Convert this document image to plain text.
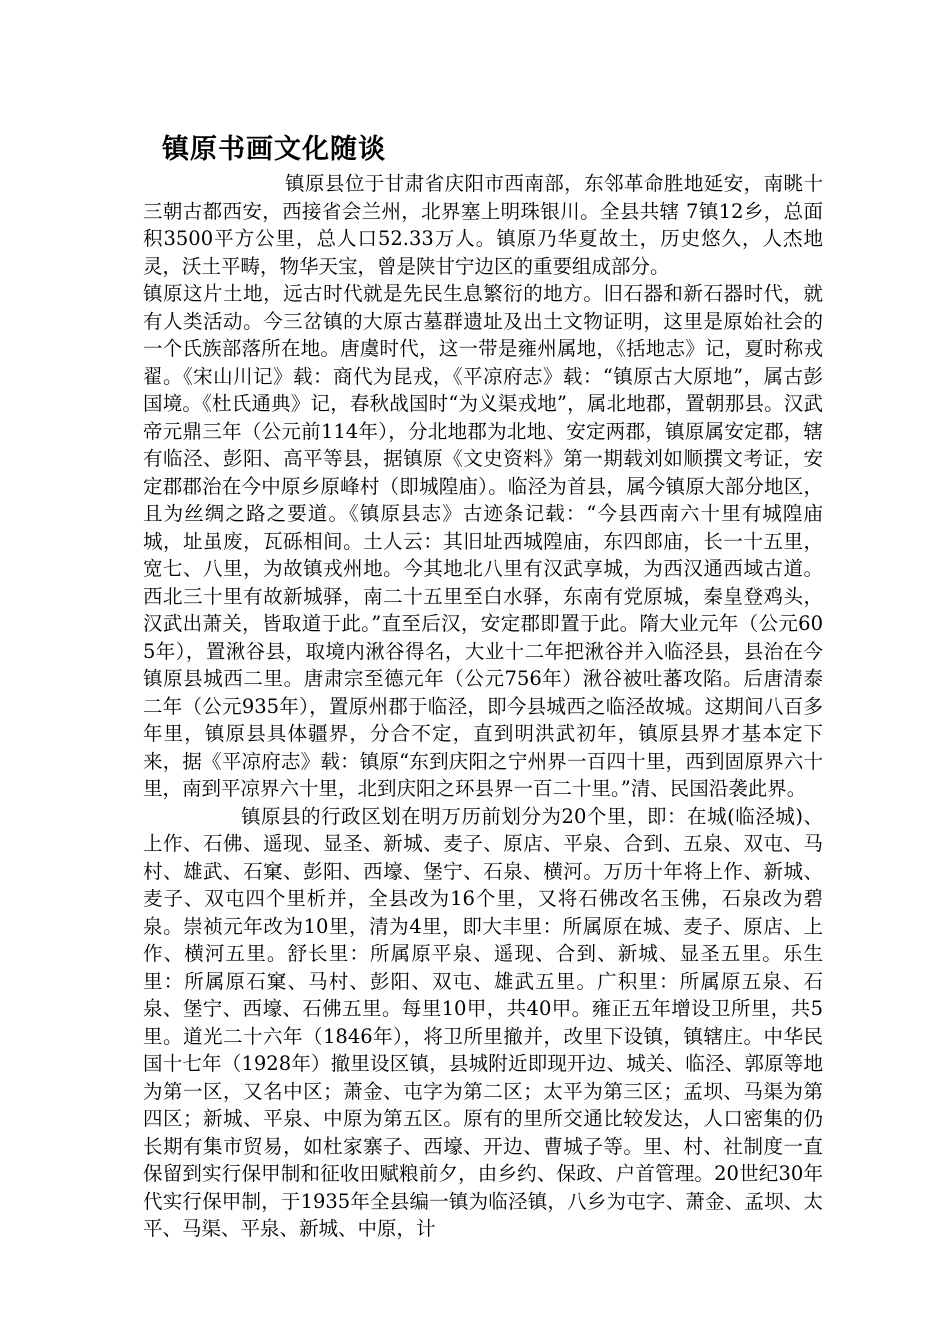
镇原书画文化随谈

镇原县位于甘肃省庆阳市西南部，东邻革命胜地延安，南眺十三朝古都西安，西接省会兰州，北界塞上明珠银川。全县共辖 7镇12乡，总面积3500平方公里，总人口52.33万人。镇原乃华夏故土，历史悠久，人杰地灵，沃土平畴，物华天宝，曾是陕甘宁边区的重要组成部分。

镇原这片土地，远古时代就是先民生息繁衍的地方。旧石器和新石器时代，就有人类活动。今三岔镇的大原古墓群遗址及出土文物证明，这里是原始社会的一个氏族部落所在地。唐虞时代，这一带是雍州属地，《括地志》记，夏时称戎翟。《宋山川记》载：商代为昆戎，《平凉府志》载：“镇原古大原地”，属古彭国境。《杜氏通典》记，春秋战国时“为义渠戎地”，属北地郡，置朝那县。汉武帝元鼎三年（公元前114年），分北地郡为北地、安定两郡，镇原属安定郡，辖有临泾、彭阳、高平等县，据镇原《文史资料》第一期载刘如顺撰文考证，安定郡郡治在今中原乡原峰村（即城隍庙）。临泾为首县，属今镇原大部分地区，且为丝绸之路之要道。《镇原县志》古迹条记载：“今县西南六十里有城隍庙城，址虽废，瓦砾相间。土人云：其旧址西城隍庙，东四郎庙，长一十五里，宽七、八里，为故镇戎州地。今其地北八里有汉武享城，为西汉通西域古道。西北三十里有故新城驿，南二十五里至白水驿，东南有党原城，秦皇登鸡头，汉武出萧关，皆取道于此。”直至后汉，安定郡即置于此。隋大业元年（公元605年），置湫谷县，取境内湫谷得名，大业十二年把湫谷并入临泾县，县治在今镇原县城西二里。唐肃宗至德元年（公元756年）湫谷被吐蕃攻陷。后唐清泰二年（公元935年），置原州郡于临泾，即今县城西之临泾故城。这期间八百多年里，镇原县具体疆界，分合不定，直到明洪武初年，镇原县界才基本定下来，据《平凉府志》载：镇原“东到庆阳之宁州界一百四十里，西到固原界六十里，南到平凉界六十里，北到庆阳之环县界一百二十里。”清、民国沿袭此界。

镇原县的行政区划在明万历前划分为20个里，即：在城(临泾城)、上作、石佛、遥现、显圣、新城、麦子、原店、平泉、合到、五泉、双屯、马村、雄武、石窠、彭阳、西壕、堡宁、石泉、横河。万历十年将上作、新城、麦子、双屯四个里析并，全县改为16个里，又将石佛改名玉佛，石泉改为碧泉。崇祯元年改为10里，清为4里，即大丰里：所属原在城、麦子、原店、上作、横河五里。舒长里：所属原平泉、遥现、合到、新城、显圣五里。乐生里：所属原石窠、马村、彭阳、双屯、雄武五里。广积里：所属原五泉、石泉、堡宁、西壕、石佛五里。每里10甲，共40甲。雍正五年增设卫所里，共5里。道光二十六年（1846年），将卫所里撤并，改里下设镇，镇辖庄。中华民国十七年（1928年）撤里设区镇，县城附近即现开边、城关、临泾、郭原等地为第一区，又名中区；萧金、屯字为第二区；太平为第三区；孟坝、马渠为第四区；新城、平泉、中原为第五区。原有的里所交通比较发达，人口密集的仍长期有集市贸易，如杜家寨子、西壕、开边、曹城子等。里、村、社制度一直保留到实行保甲制和征收田赋粮前夕，由乡约、保政、户首管理。20世纪30年代实行保甲制，于1935年全县编一镇为临泾镇，八乡为屯字、萧金、孟坝、太平、马渠、平泉、新城、中原，计
